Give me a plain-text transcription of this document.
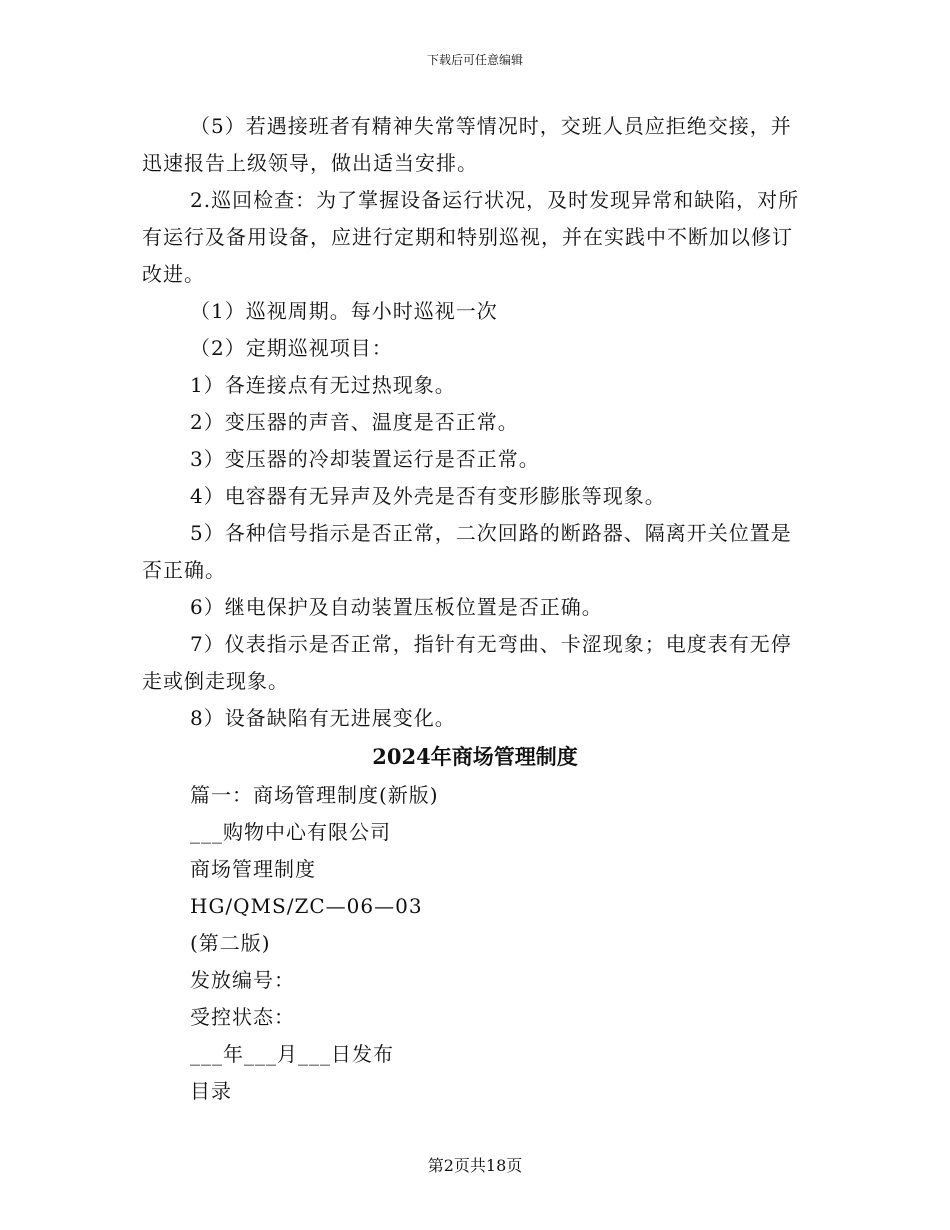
下载后可任意编辑

（5）若遇接班者有精神失常等情况时，交班人员应拒绝交接，并迅速报告上级领导，做出适当安排。

2.巡回检查：为了掌握设备运行状况，及时发现异常和缺陷，对所有运行及备用设备，应进行定期和特别巡视，并在实践中不断加以修订改进。

（1）巡视周期。每小时巡视一次

（2）定期巡视项目：

1）各连接点有无过热现象。

2）变压器的声音、温度是否正常。

3）变压器的冷却装置运行是否正常。

4）电容器有无异声及外壳是否有变形膨胀等现象。

5）各种信号指示是否正常，二次回路的断路器、隔离开关位置是否正确。

6）继电保护及自动装置压板位置是否正确。

7）仪表指示是否正常，指针有无弯曲、卡涩现象；电度表有无停走或倒走现象。

8）设备缺陷有无进展变化。

2024年商场管理制度

篇一：商场管理制度(新版)

___购物中心有限公司

商场管理制度

HG/QMS/ZC—06—03

(第二版)

发放编号：

受控状态：

___年___月___日发布

目录

第2页共18页
